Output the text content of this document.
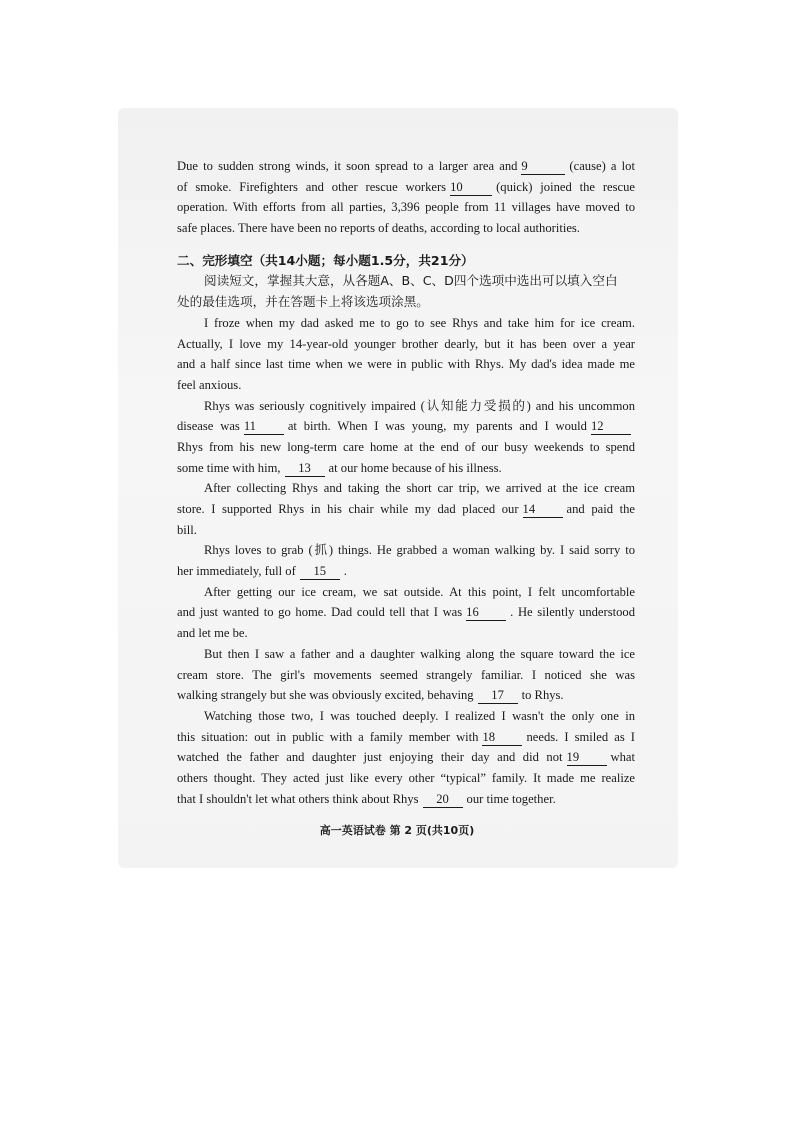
Due to sudden strong winds, it soon spread to a larger area and 9	(cause) a lot
of smoke. Firefighters and other rescue workers 10	(quick) joined the rescue
operation. With efforts from all parties, 3,396 people from 11 villages have moved to
safe places. There have been no reports of deaths, according to local authorities.
二、完形填空（共14小题；每小题1.5分，共21分）
阅读短文，掌握其大意，从各题A、B、C、D四个选项中选出可以填入空白
处的最佳选项，并在答题卡上将该选项涂黑。
I froze when my dad asked me to go to see Rhys and take him for ice cream.
Actually, I love my 14-year-old younger brother dearly, but it has been over a year
and a half since last time when we were in public with Rhys. My dad's idea made me
feel anxious.
Rhys was seriously cognitively impaired (认知能力受损的) and his uncommon
disease was 11	at birth. When I was young, my parents and I would 12
Rhys from his new long-term care home at the end of our busy weekends to spend
some time with him, 13 at our home because of his illness.
After collecting Rhys and taking the short car trip, we arrived at the ice cream
store. I supported Rhys in his chair while my dad placed our 14 and paid the
bill.
Rhys loves to grab (抓) things. He grabbed a woman walking by. I said sorry to
her immediately, full of 15 .
After getting our ice cream, we sat outside. At this point, I felt uncomfortable
and just wanted to go home. Dad could tell that I was 16 . He silently understood
and let me be.
But then I saw a father and a daughter walking along the square toward the ice
cream store. The girl's movements seemed strangely familiar. I noticed she was
walking strangely but she was obviously excited, behaving 17 to Rhys.
Watching those two, I was touched deeply. I realized I wasn't the only one in
this situation: out in public with a family member with 18 needs. I smiled as I
watched the father and daughter just enjoying their day and did not 19 what
others thought. They acted just like every other “typical” family. It made me realize
that I shouldn't let what others think about Rhys 20 our time together.
高一英语试卷 第 2 页(共10页)
